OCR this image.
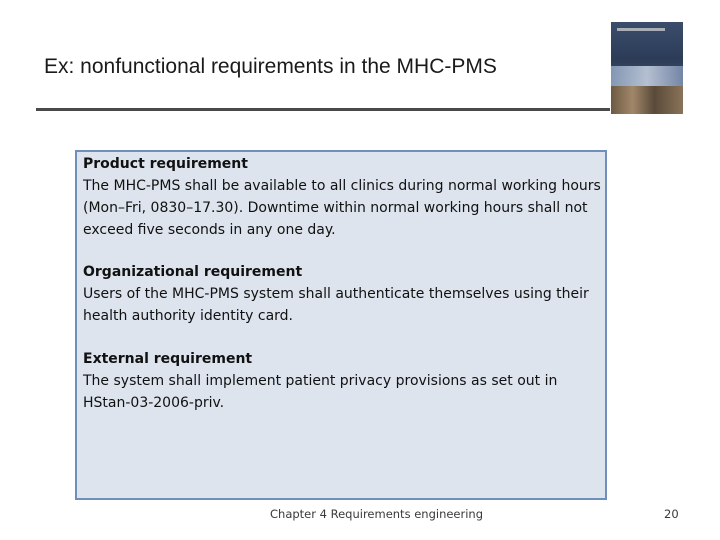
Ex: nonfunctional requirements in the MHC-PMS
Product requirement
The MHC-PMS shall be available to all clinics during normal working hours (Mon–Fri, 0830–17.30). Downtime within normal working hours shall not exceed five seconds in any one day.
Organizational requirement
Users of the MHC-PMS system shall authenticate themselves using their health authority identity card.
External requirement
The system shall implement patient privacy provisions as set out in HStan-03-2006-priv.
Chapter 4 Requirements engineering	20
